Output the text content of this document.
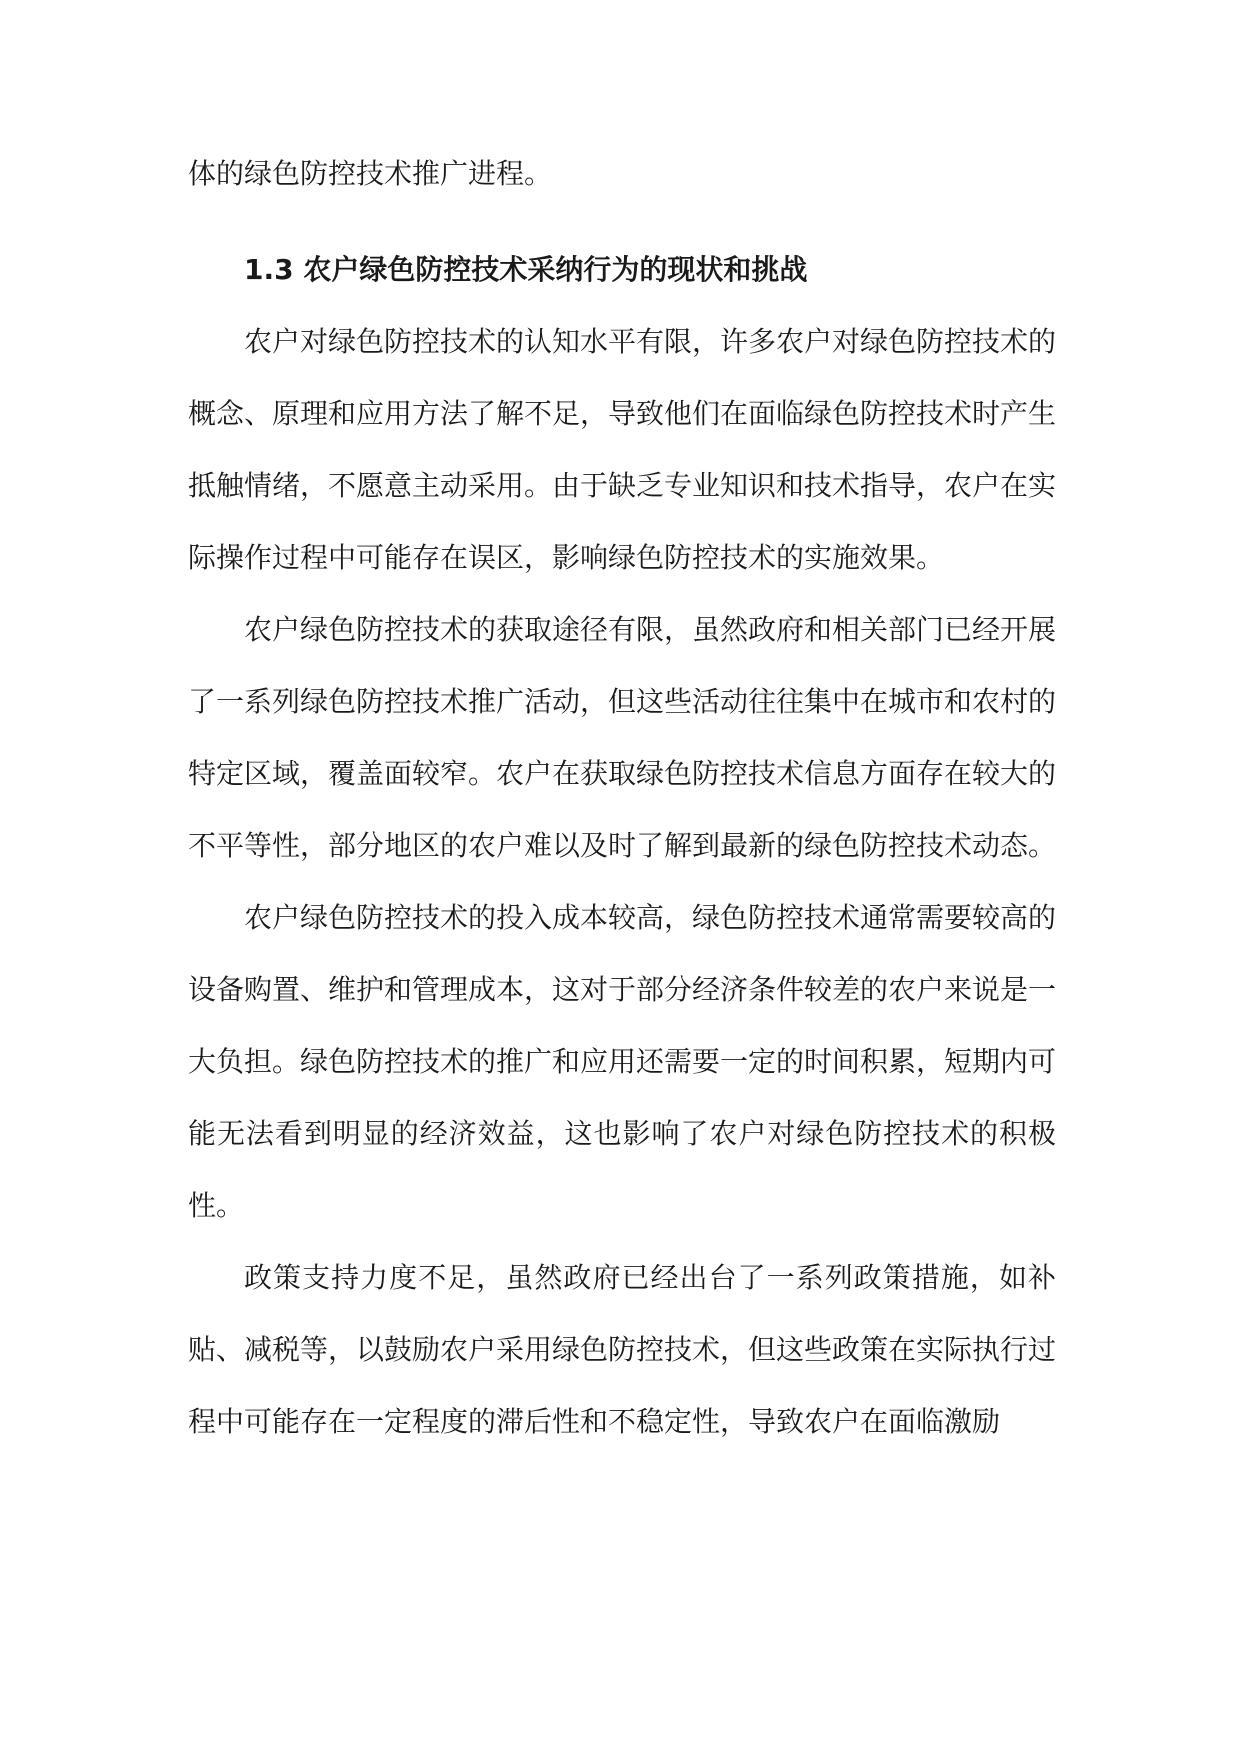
体的绿色防控技术推广进程。

1.3 农户绿色防控技术采纳行为的现状和挑战

农户对绿色防控技术的认知水平有限，许多农户对绿色防控技术的概念、原理和应用方法了解不足，导致他们在面临绿色防控技术时产生抵触情绪，不愿意主动采用。由于缺乏专业知识和技术指导，农户在实际操作过程中可能存在误区，影响绿色防控技术的实施效果。

农户绿色防控技术的获取途径有限，虽然政府和相关部门已经开展了一系列绿色防控技术推广活动，但这些活动往往集中在城市和农村的特定区域，覆盖面较窄。农户在获取绿色防控技术信息方面存在较大的不平等性，部分地区的农户难以及时了解到最新的绿色防控技术动态。

农户绿色防控技术的投入成本较高，绿色防控技术通常需要较高的设备购置、维护和管理成本，这对于部分经济条件较差的农户来说是一大负担。绿色防控技术的推广和应用还需要一定的时间积累，短期内可能无法看到明显的经济效益，这也影响了农户对绿色防控技术的积极性。

政策支持力度不足，虽然政府已经出台了一系列政策措施，如补贴、减税等，以鼓励农户采用绿色防控技术，但这些政策在实际执行过程中可能存在一定程度的滞后性和不稳定性，导致农户在面临激励
